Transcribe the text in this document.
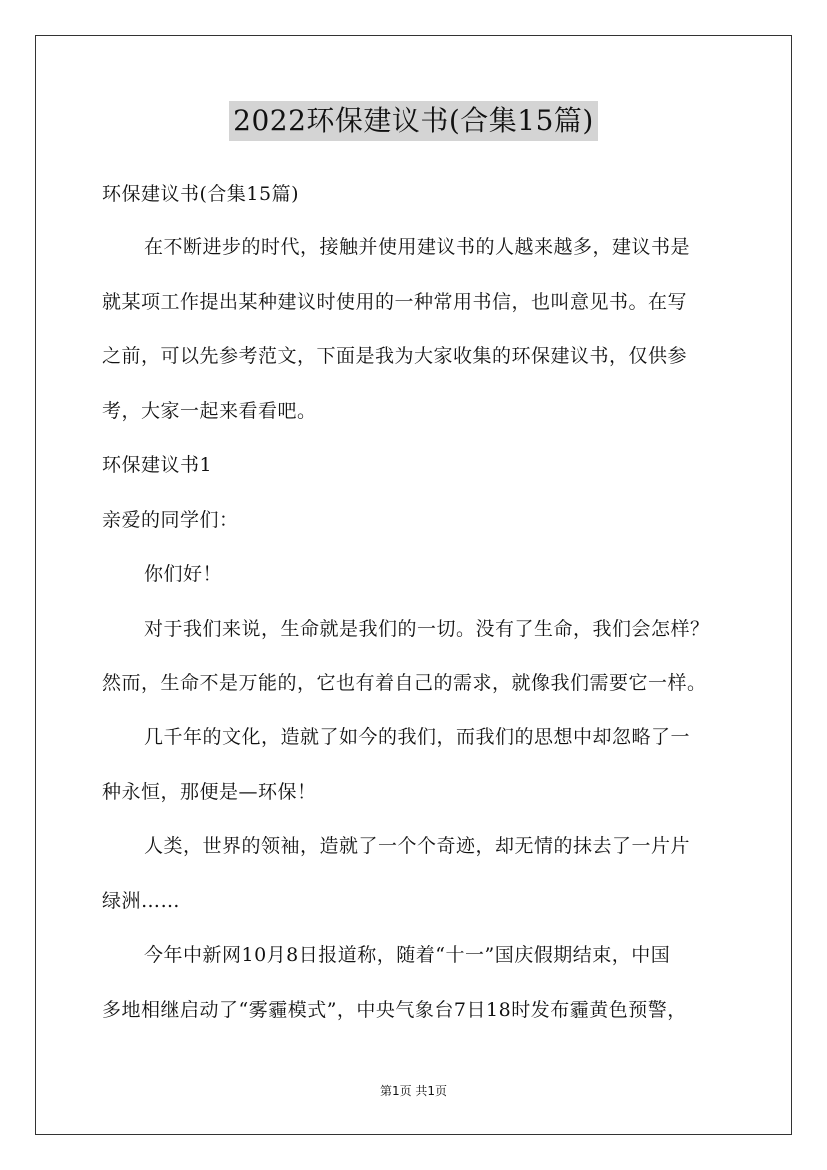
2022环保建议书(合集15篇)
环保建议书(合集15篇)
在不断进步的时代，接触并使用建议书的人越来越多，建议书是
就某项工作提出某种建议时使用的一种常用书信，也叫意见书。在写
之前，可以先参考范文，下面是我为大家收集的环保建议书，仅供参
考，大家一起来看看吧。
环保建议书1
亲爱的同学们：
你们好！
对于我们来说，生命就是我们的一切。没有了生命，我们会怎样？
然而，生命不是万能的，它也有着自己的需求，就像我们需要它一样。
几千年的文化，造就了如今的我们，而我们的思想中却忽略了一
种永恒，那便是—环保！
人类，世界的领袖，造就了一个个奇迹，却无情的抹去了一片片
绿洲……
今年中新网10月8日报道称，随着“十一”国庆假期结束，中国
多地相继启动了“雾霾模式”，中央气象台7日18时发布霾黄色预警，
第1页 共1页
